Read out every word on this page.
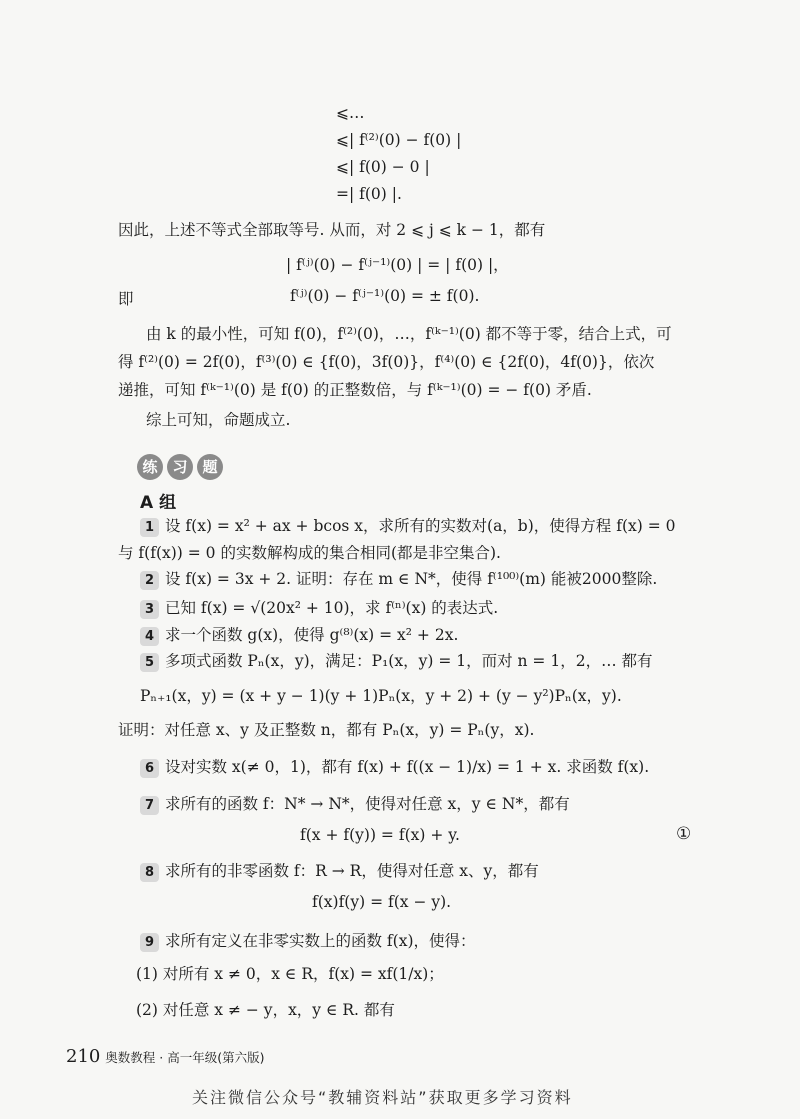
⩽…
⩽| f⁽²⁾(0) − f(0) |
⩽| f(0) − 0 |
=| f(0) |.
因此，上述不等式全部取等号. 从而，对 2 ⩽ j ⩽ k − 1，都有
| f⁽ʲ⁾(0) − f⁽ʲ⁻¹⁾(0) | = | f(0) |，
即	f⁽ʲ⁾(0) − f⁽ʲ⁻¹⁾(0) = ± f(0).
由 k 的最小性，可知 f(0)，f⁽²⁾(0)，…，f⁽ᵏ⁻¹⁾(0) 都不等于零，结合上式，可
得 f⁽²⁾(0) = 2f(0)，f⁽³⁾(0) ∈ {f(0)，3f(0)}，f⁽⁴⁾(0) ∈ {2f(0)，4f(0)}，依次
递推，可知 f⁽ᵏ⁻¹⁾(0) 是 f(0) 的正整数倍，与 f⁽ᵏ⁻¹⁾(0) = − f(0) 矛盾.
综上可知，命题成立.
练 习 题
A 组
1 设 f(x) = x² + ax + bcos x，求所有的实数对(a，b)，使得方程 f(x) = 0
与 f(f(x)) = 0 的实数解构成的集合相同(都是非空集合).
2 设 f(x) = 3x + 2. 证明：存在 m ∈ N*，使得 f⁽¹⁰⁰⁾(m) 能被2000整除.
3 已知 f(x) = √(20x² + 10)，求 f⁽ⁿ⁾(x) 的表达式.
4 求一个函数 g(x)，使得 g⁽⁸⁾(x) = x² + 2x.
5 多项式函数 Pₙ(x，y)，满足：P₁(x，y) = 1，而对 n = 1，2，… 都有
Pₙ₊₁(x，y) = (x + y − 1)(y + 1)Pₙ(x，y + 2) + (y − y²)Pₙ(x，y).
证明：对任意 x、y 及正整数 n，都有 Pₙ(x，y) = Pₙ(y，x).
6 设对实数 x(≠ 0，1)，都有 f(x) + f((x − 1)/x) = 1 + x. 求函数 f(x).
7 求所有的函数 f：N* → N*，使得对任意 x，y ∈ N*，都有
f(x + f(y)) = f(x) + y.	①
8 求所有的非零函数 f：R → R，使得对任意 x、y，都有
f(x)f(y) = f(x − y).
9 求所有定义在非零实数上的函数 f(x)，使得：
(1) 对所有 x ≠ 0，x ∈ R，f(x) = xf(1/x)；
(2) 对任意 x ≠ − y，x，y ∈ R. 都有
210 奥数教程 · 高一年级(第六版)
关注微信公众号“教辅资料站”获取更多学习资料
